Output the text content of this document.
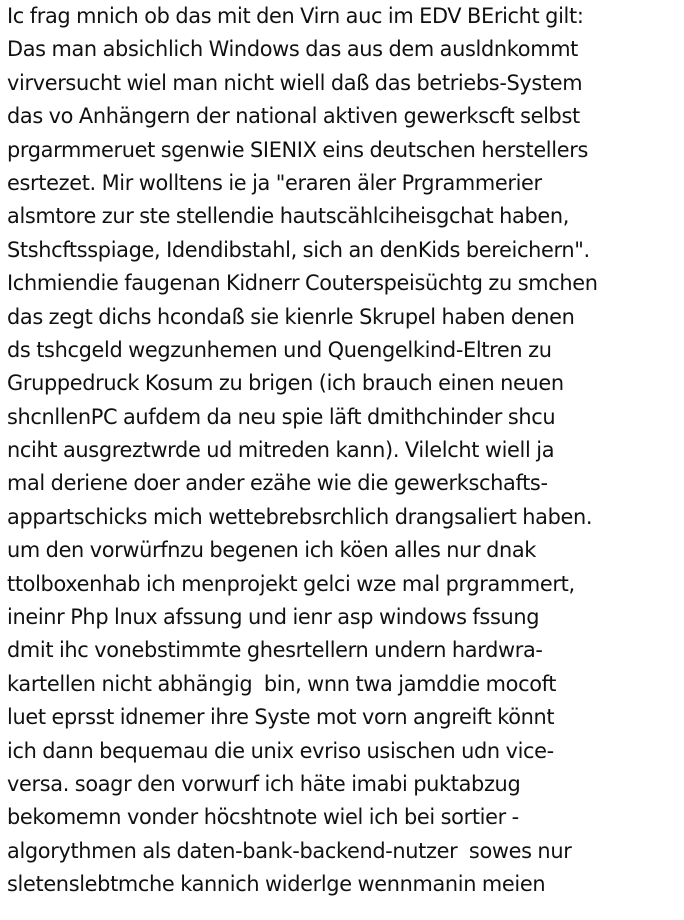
Ic frag mnich ob das mit den Virn auc im EDV BEricht gilt:
Das man absichlich Windows das aus dem ausldnkommt
virversucht wiel man nicht wiell daß das betriebs-System
das vo Anhängern der national aktiven gewerkscft selbst
prgarmmeruet sgenwie SIENIX eins deutschen herstellers
esrtezet. Mir wolltens ie ja "eraren äler Prgrammerier
alsmtore zur ste stellendie hautscählciheisgchat haben,
Stshcftsspiage, Idendibstahl, sich an denKids bereichern".
Ichmiendie faugenan Kidnerr Couterspeisüchtg zu smchen
das zegt dichs hcondaß sie kienrle Skrupel haben denen
ds tshcgeld wegzunhemen und Quengelkind-Eltren zu
Gruppedruck Kosum zu brigen (ich brauch einen neuen
shcnllenPC aufdem da neu spie läft dmithchinder shcu
nciht ausgreztwrde ud mitreden kann). Vilelcht wiell ja
mal deriene doer ander ezähe wie die gewerkschafts-
appartschicks mich wettebrebsrchlich drangsaliert haben.
um den vorwürfnzu begenen ich köen alles nur dnak
ttolboxenhab ich menprojekt gelci wze mal prgrammert,
ineinr Php lnux afssung und ienr asp windows fssung
dmit ihc vonebstimmte ghesrtellern undern hardwra-
kartellen nicht abhängig  bin, wnn twa jamddie mocoft
luet eprsst idnemer ihre Syste mot vorn angreift könnt
ich dann bequemau die unix evriso usischen udn vice-
versa. soagr den vorwurf ich häte imabi puktabzug
bekomemn vonder höcshtnote wiel ich bei sortier -
algorythmen als daten-bank-backend-nutzer  sowes nur
sletenslebtmche kannich widerlge wennmanin meien
